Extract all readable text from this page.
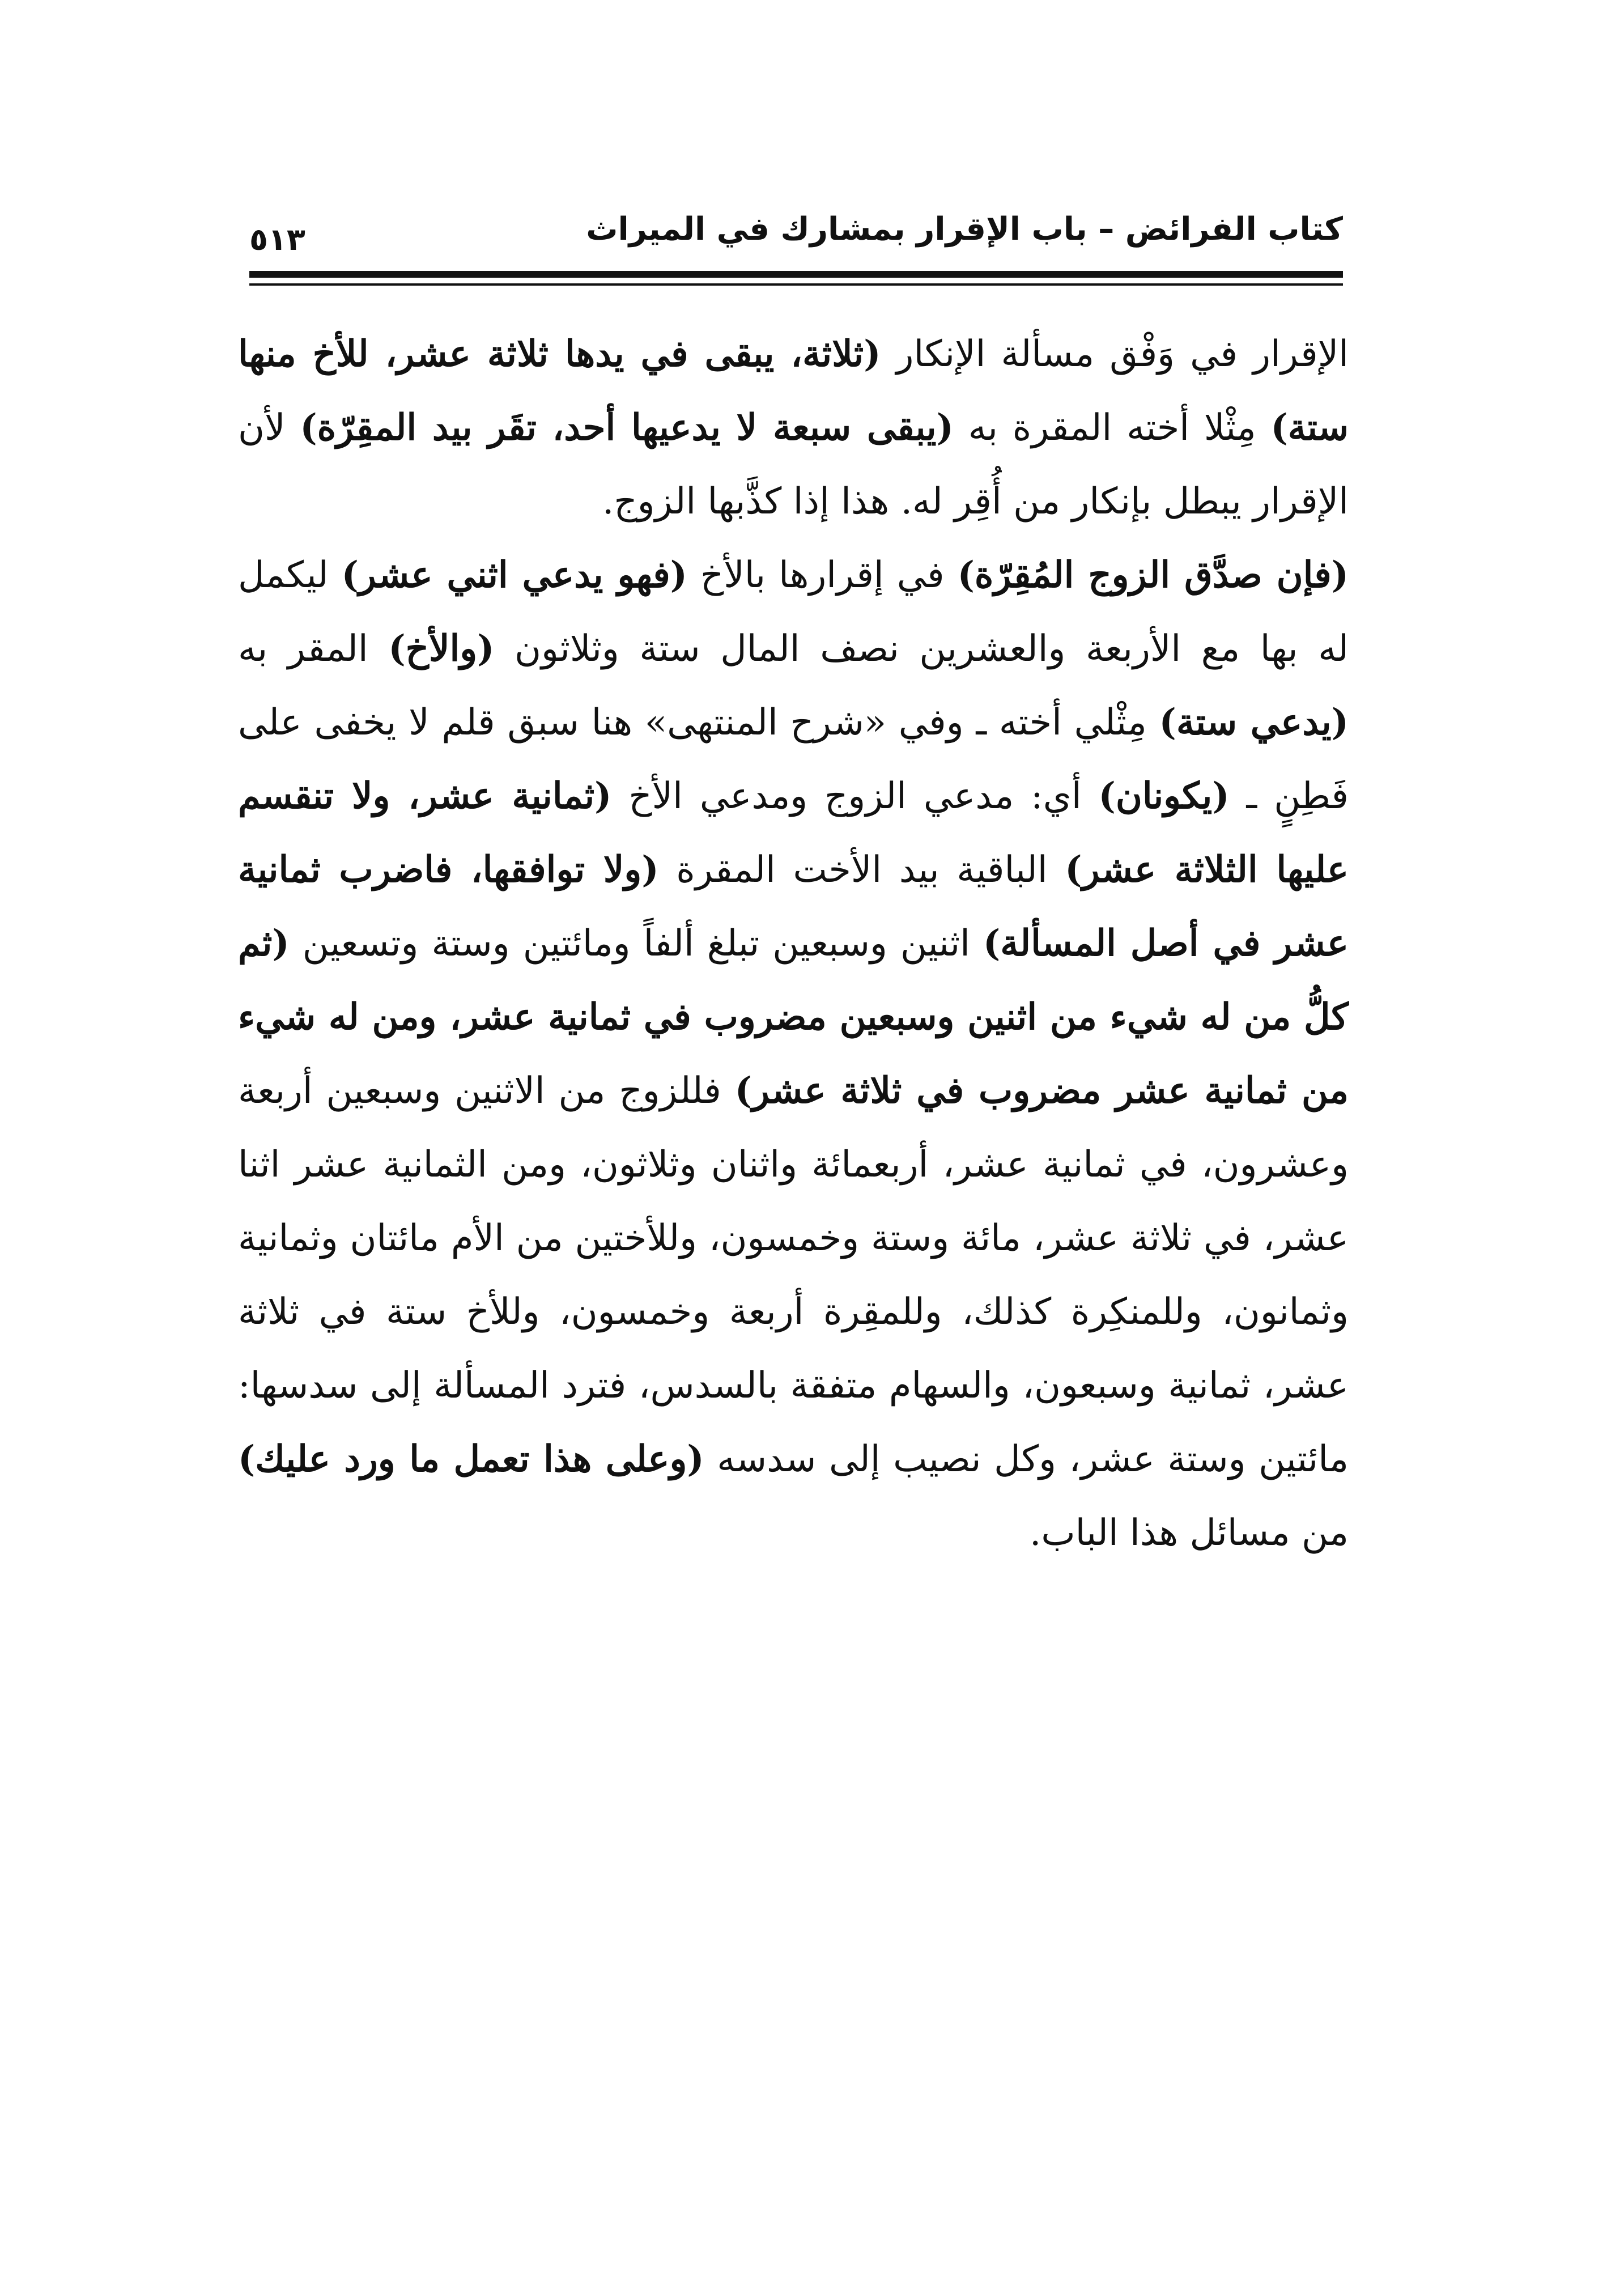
كتاب الفرائض – باب الإقرار بمشارك في الميراث
٥١٣

الإقرار في وَفْق مسألة الإنكار (ثلاثة، يبقى في يدها ثلاثة عشر، للأخ منها ستة) مِثْلا أخته المقرة به (يبقى سبعة لا يدعيها أحد، تقَر بيد المقِرّة) لأن الإقرار يبطل بإنكار من أُقِر له. هذا إذا كذَّبها الزوج.

(فإن صدَّق الزوج المُقِرّة) في إقرارها بالأخ (فهو يدعي اثني عشر) ليكمل له بها مع الأربعة والعشرين نصف المال ستة وثلاثون (والأخ) المقر به (يدعي ستة) مِثْلي أخته ـ وفي «شرح المنتهى» هنا سبق قلم لا يخفى على فَطِنٍ ـ (يكونان) أي: مدعي الزوج ومدعي الأخ (ثمانية عشر، ولا تنقسم عليها الثلاثة عشر) الباقية بيد الأخت المقرة (ولا توافقها، فاضرب ثمانية عشر في أصل المسألة) اثنين وسبعين تبلغ ألفاً ومائتين وستة وتسعين (ثم كلُّ من له شيء من اثنين وسبعين مضروب في ثمانية عشر، ومن له شيء من ثمانية عشر مضروب في ثلاثة عشر) فللزوج من الاثنين وسبعين أربعة وعشرون، في ثمانية عشر، أربعمائة واثنان وثلاثون، ومن الثمانية عشر اثنا عشر، في ثلاثة عشر، مائة وستة وخمسون، وللأختين من الأم مائتان وثمانية وثمانون، وللمنكِرة كذلك، وللمقِرة أربعة وخمسون، وللأخ ستة في ثلاثة عشر، ثمانية وسبعون، والسهام متفقة بالسدس، فترد المسألة إلى سدسها: مائتين وستة عشر، وكل نصيب إلى سدسه (وعلى هذا تعمل ما ورد عليك) من مسائل هذا الباب.
